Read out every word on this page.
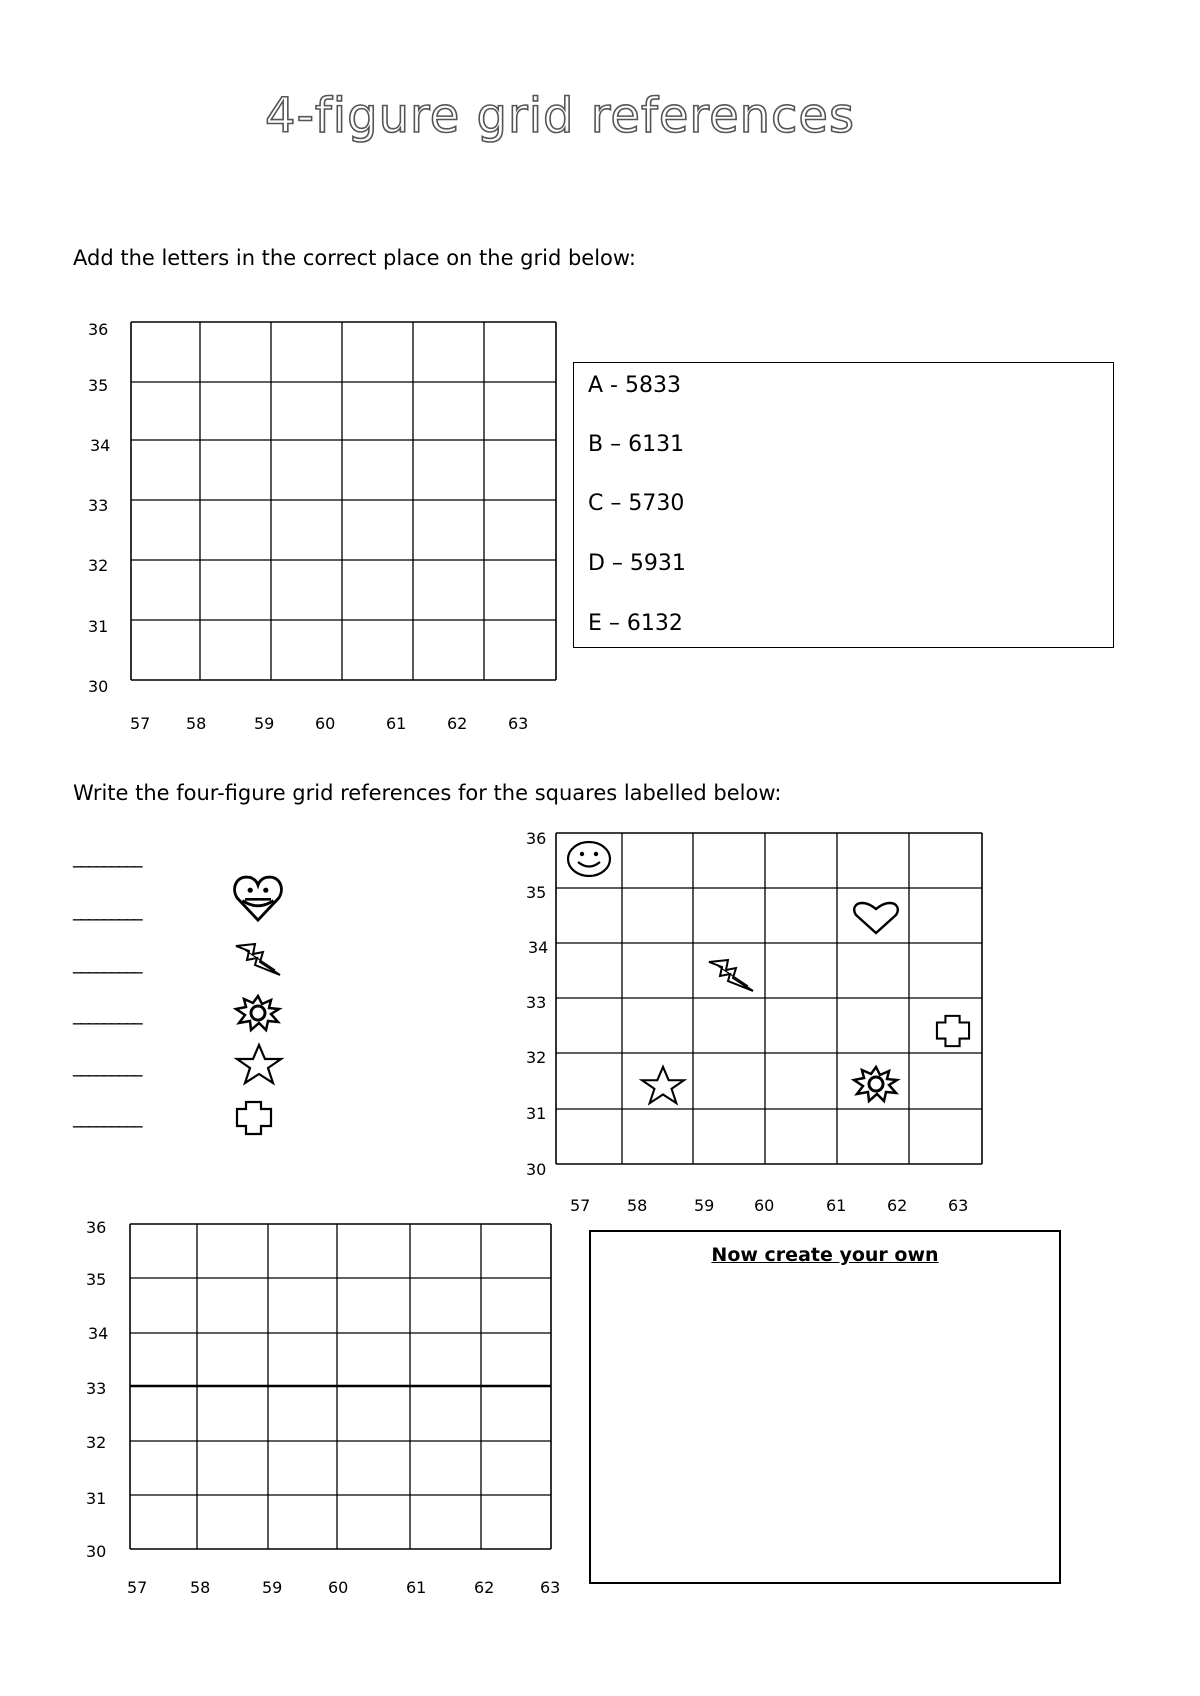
4-figure grid references
Add the letters in the correct place on the grid below:
36
35
34
33
32
31
30
57 58	59	60	61	62	63
A - 5833
B – 6131
C – 5730
D – 5931
E – 6132
Write the four-figure grid references for the squares labelled below:
_________
_________
_________
_________
_________
_________
36
35
34
33
32
31
30
57 58	59 60	61	62	63
36
35
34
33
32
31
30
57	58	59	60	61	62	63
Now create your own
